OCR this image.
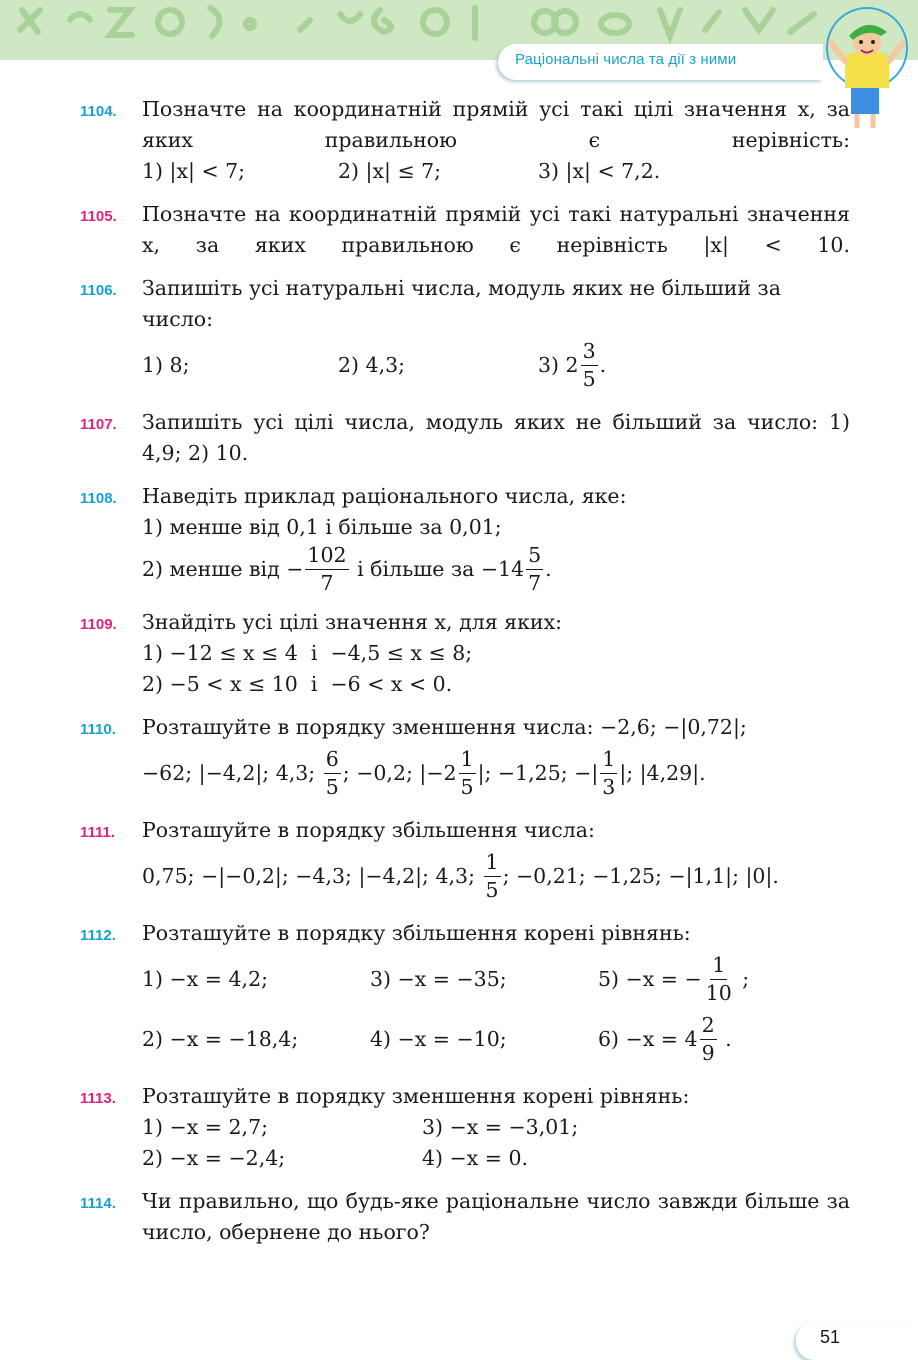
Раціональні числа та дії з ними
1104.	Позначте на координатній прямій усі такі цілі значення x, за яких правильною є нерівність:
1) |x| < 7;	2) |x| ≤ 7;	3) |x| < 7,2.
1105.	Позначте на координатній прямій усі такі натуральні значення x, за яких правильною є нерівність |x| < 10.
1106.	Запишіть усі натуральні числа, модуль яких не більший за число:
1) 8;	2) 4,3;	3) $2 \frac{3}{5}$ .
1107.	Запишіть усі цілі числа, модуль яких не більший за число: 1) 4,9; 2) 10.
1108.	Наведіть приклад раціонального числа, яке:
1) менше від 0,1 і більше за 0,01;
2) менше від − $\frac{102}{7}$ і більше за $-14 \frac{5}{7}$ .
1109.	Знайдіть усі цілі значення x, для яких:
1) −12 ≤ x ≤ 4  і  −4,5 ≤ x ≤ 8;
2) −5 < x ≤ 10  і  −6 < x < 0.
1110.	Розташуйте в порядку зменшення числа: −2,6; −|0,72|;
−62; |−4,2|; 4,3; $\frac{6}{5}$ ; −0,2; $|-2 \frac{1}{5}$ |; −1,25; −| $\frac{1}{3}$ |; |4,29|.
1111.	Розташуйте в порядку збільшення числа:
0,75; −|−0,2|; −4,3; |−4,2|; 4,3; $\frac{1}{5}$ ; −0,21; −1,25; −|1,1|; |0|.
1112.	Розташуйте в порядку збільшення корені рівнянь:
1) −x = 4,2;	3) −x = −35;	5) −x = − $\frac{1}{10}$ ;
2) −x = −18,4;	4) −x = −10;	$6) -x = 4 \frac{2}{9}$ .
1113.	Розташуйте в порядку зменшення корені рівнянь:
1) −x = 2,7;	3) −x = −3,01;
2) −x = −2,4;	4) −x = 0.
1114.	Чи правильно, що будь-яке раціональне число завжди більше за число, обернене до нього?
51
